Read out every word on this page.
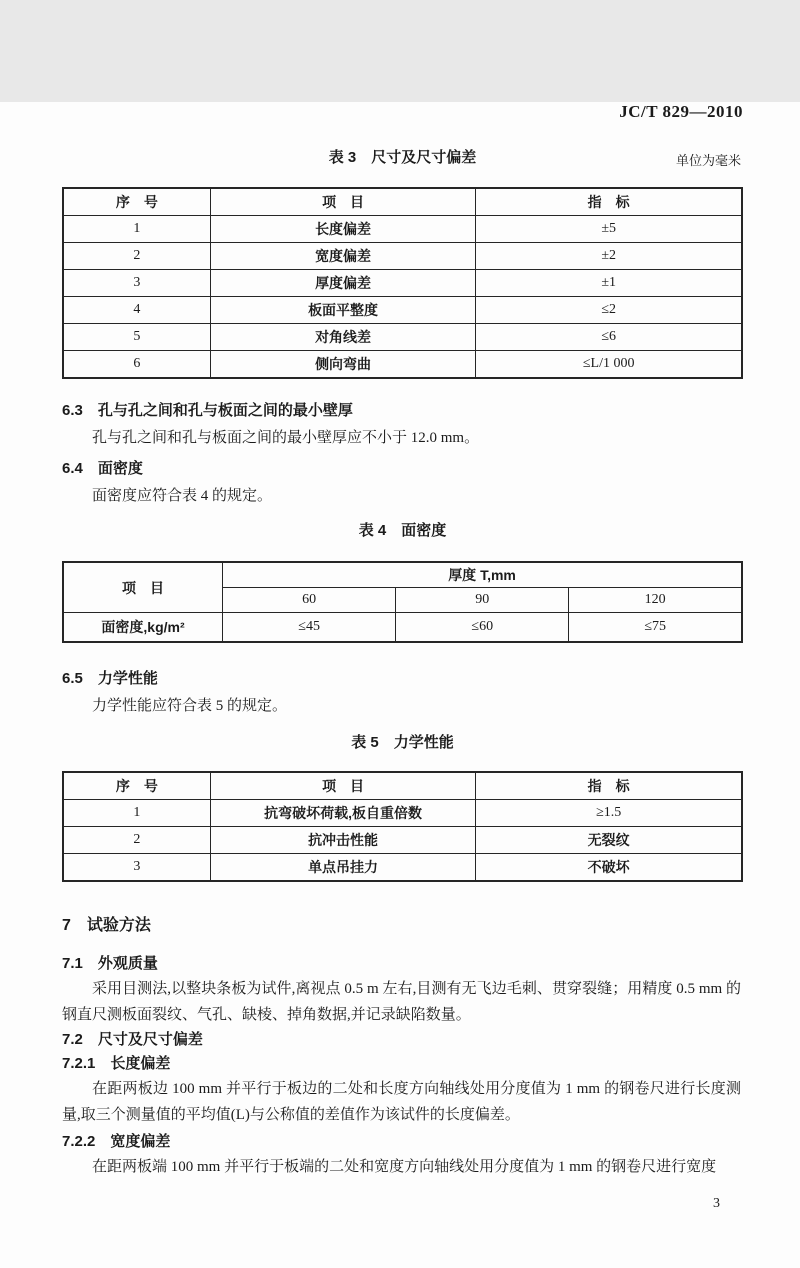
JC/T 829—2010
表 3　尺寸及尺寸偏差	单位为毫米
序　号	项　目	指　标
1	长度偏差	±5
2	宽度偏差	±2
3	厚度偏差	±1
4	板面平整度	≤2
5	对角线差	≤6
6	侧向弯曲	≤L/1 000
6.3　孔与孔之间和孔与板面之间的最小壁厚
孔与孔之间和孔与板面之间的最小壁厚应不小于 12.0 mm。
6.4　面密度
面密度应符合表 4 的规定。
表 4　面密度
项　目	厚度 T,mm		
	60	90	120
面密度,kg/m²	≤45	≤60	≤75
6.5　力学性能
力学性能应符合表 5 的规定。
表 5　力学性能
序　号	项　目	指　标
1	抗弯破坏荷载,板自重倍数	≥1.5
2	抗冲击性能	无裂纹
3	单点吊挂力	不破坏
7　试验方法
7.1　外观质量
采用目测法,以整块条板为试件,离视点 0.5 m 左右,目测有无飞边毛刺、贯穿裂缝；用精度 0.5 mm 的钢直尺测板面裂纹、气孔、缺棱、掉角数据,并记录缺陷数量。
7.2　尺寸及尺寸偏差
7.2.1　长度偏差
在距两板边 100 mm 并平行于板边的二处和长度方向轴线处用分度值为 1 mm 的钢卷尺进行长度测量,取三个测量值的平均值(L)与公称值的差值作为该试件的长度偏差。
7.2.2　宽度偏差
在距两板端 100 mm 并平行于板端的二处和宽度方向轴线处用分度值为 1 mm 的钢卷尺进行宽度
3
